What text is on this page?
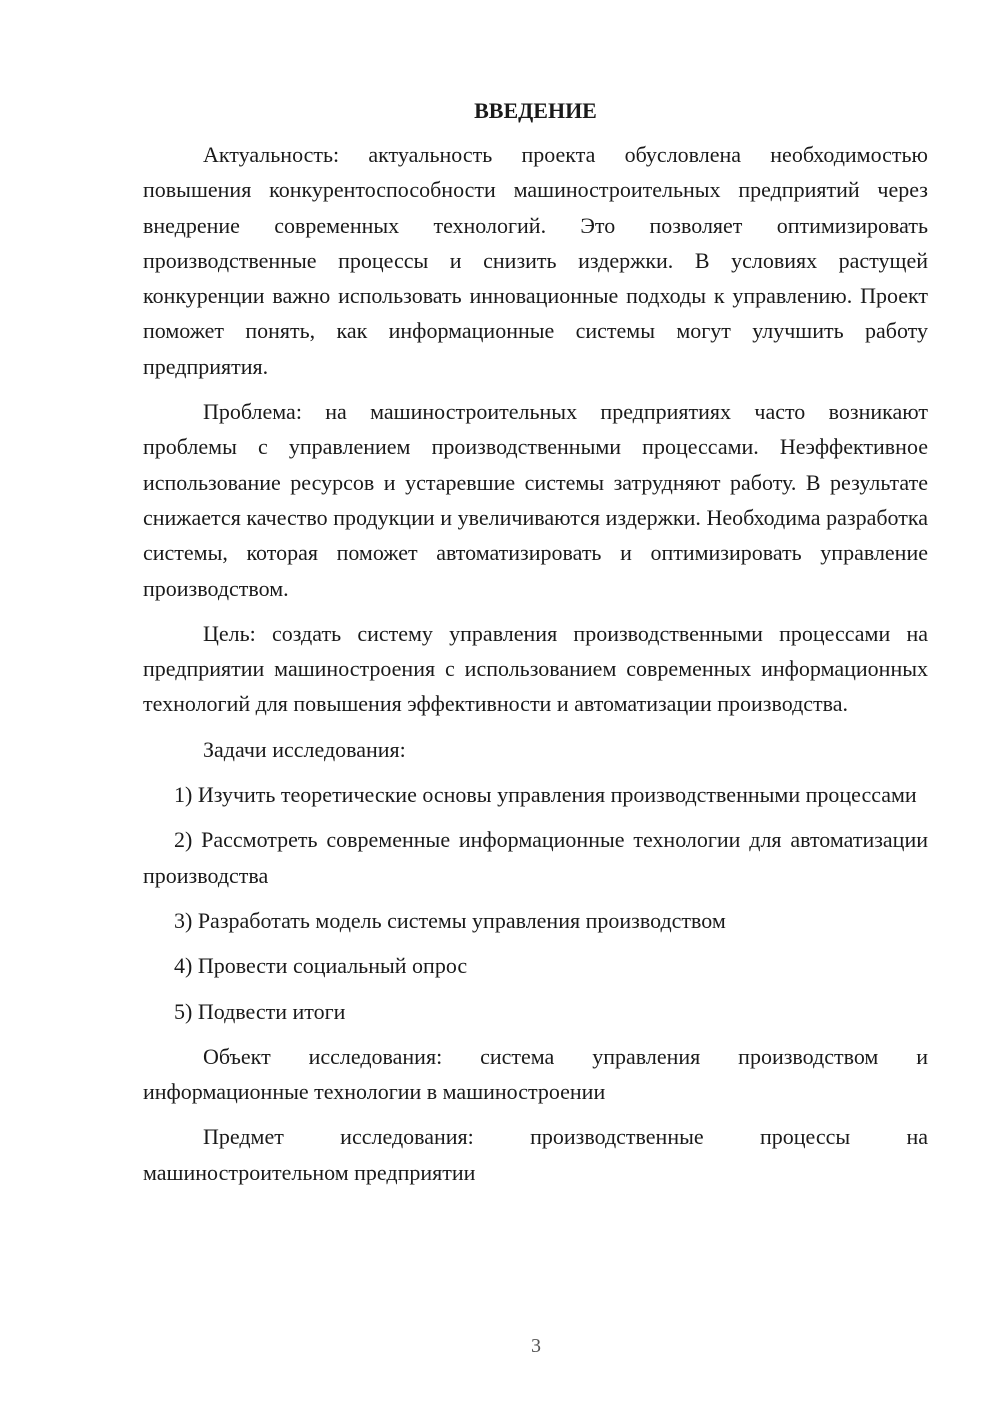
ВВЕДЕНИЕ

Актуальность: актуальность проекта обусловлена необходимостью повышения конкурентоспособности машиностроительных предприятий через внедрение современных технологий. Это позволяет оптимизировать производственные процессы и снизить издержки. В условиях растущей конкуренции важно использовать инновационные подходы к управлению. Проект поможет понять, как информационные системы могут улучшить работу предприятия.

Проблема: на машиностроительных предприятиях часто возникают проблемы с управлением производственными процессами. Неэффективное использование ресурсов и устаревшие системы затрудняют работу. В результате снижается качество продукции и увеличиваются издержки. Необходима разработка системы, которая поможет автоматизировать и оптимизировать управление производством.

Цель: создать систему управления производственными процессами на предприятии машиностроения с использованием современных информационных технологий для повышения эффективности и автоматизации производства.

Задачи исследования:

1) Изучить теоретические основы управления производственными процессами

2) Рассмотреть современные информационные технологии для автоматизации производства

3) Разработать модель системы управления производством

4) Провести социальный опрос

5) Подвести итоги

Объект исследования: система управления производством и информационные технологии в машиностроении

Предмет исследования: производственные процессы на машиностроительном предприятии

3
